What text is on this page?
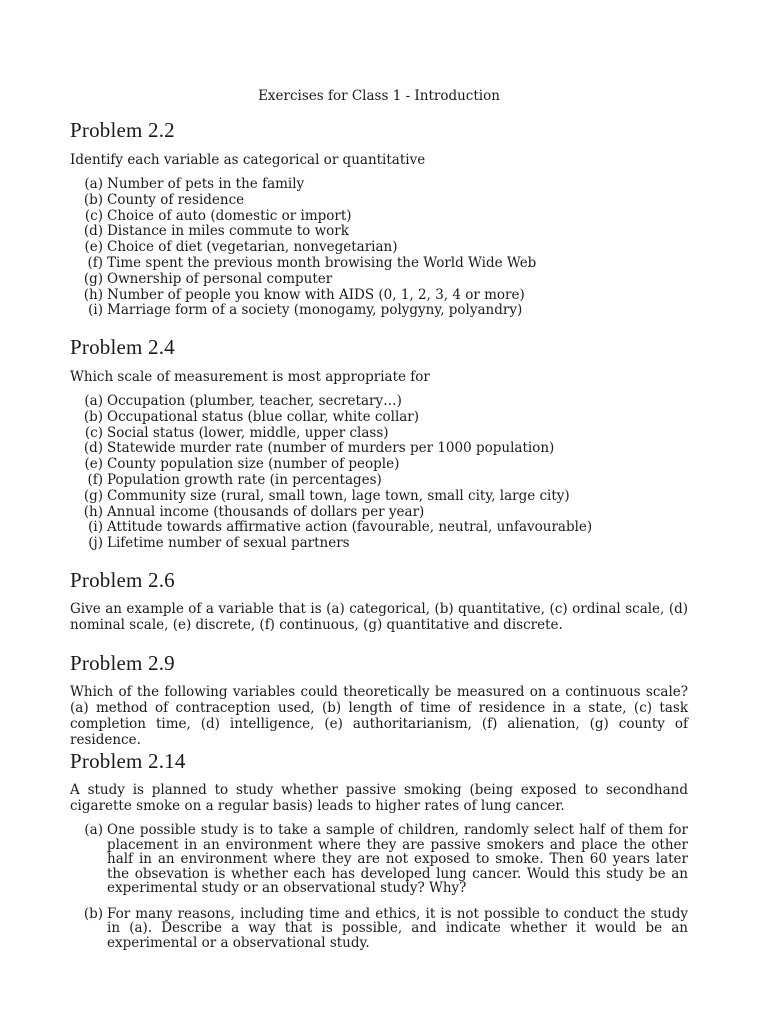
Exercises for Class 1 - Introduction
Problem 2.2

Identify each variable as categorical or quantitative

(a) Number of pets in the family
(b) County of residence
(c) Choice of auto (domestic or import)
(d) Distance in miles commute to work
(e) Choice of diet (vegetarian, nonvegetarian)
(f) Time spent the previous month browising the World Wide Web
(g) Ownership of personal computer
(h) Number of people you know with AIDS (0, 1, 2, 3, 4 or more)
(i) Marriage form of a society (monogamy, polygyny, polyandry)
Problem 2.4

Which scale of measurement is most appropriate for

(a) Occupation (plumber, teacher, secretary…)
(b) Occupational status (blue collar, white collar)
(c) Social status (lower, middle, upper class)
(d) Statewide murder rate (number of murders per 1000 population)
(e) County population size (number of people)
(f) Population growth rate (in percentages)
(g) Community size (rural, small town, lage town, small city, large city)
(h) Annual income (thousands of dollars per year)
(i) Attitude towards affirmative action (favourable, neutral, unfavourable)
(j) Lifetime number of sexual partners
Problem 2.6

Give an example of a variable that is (a) categorical, (b) quantitative, (c) ordinal scale, (d) nominal scale, (e) discrete, (f) continuous, (g) quantitative and discrete.

Problem 2.9

Which of the following variables could theoretically be measured on a continuous scale? (a) method of contraception used, (b) length of time of residence in a state, (c) task completion time, (d) intelligence, (e) authoritarianism, (f) alienation, (g) county of residence.

Problem 2.14

A study is planned to study whether passive smoking (being exposed to secondhand cigarette smoke on a regular basis) leads to higher rates of lung cancer.

(a) One possible study is to take a sample of children, randomly select half of them for placement in an environment where they are passive smokers and place the other half in an environment where they are not exposed to smoke. Then 60 years later the obsevation is whether each has developed lung cancer. Would this study be an experimental study or an observational study? Why?
(b) For many reasons, including time and ethics, it is not possible to conduct the study in (a). Describe a way that is possible, and indicate whether it would be an experimental or a observational study.
